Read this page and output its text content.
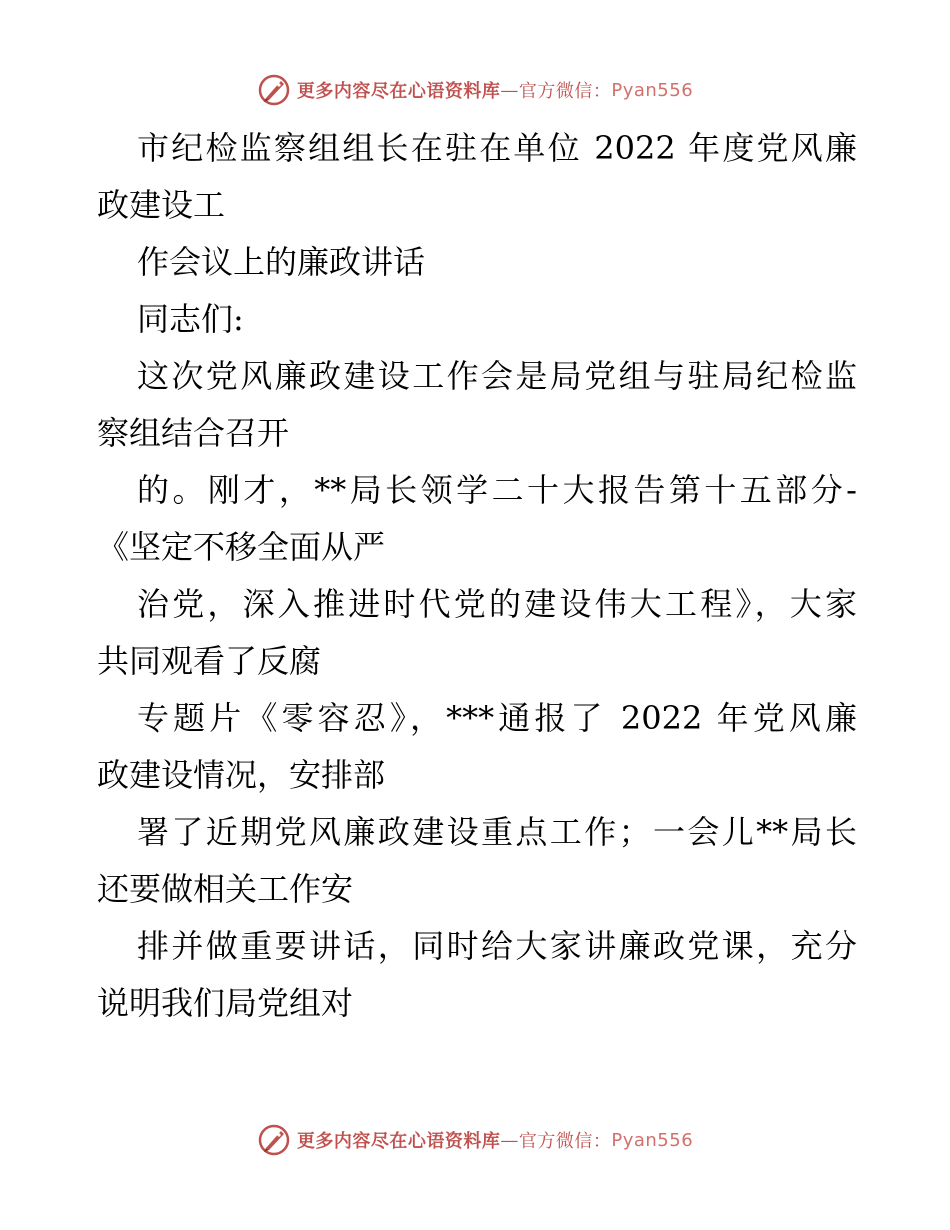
更多内容尽在心语资料库 — 官方微信： Pyan556
市纪检监察组组长在驻在单位 2022 年度党风廉
政建设工
作会议上的廉政讲话
同志们:
这次党风廉政建设工作会是局党组与驻局纪检监
察组结合召开
的。刚才，**局长领学二十大报告第十五部分-
《坚定不移全面从严
治党，深入推进时代党的建设伟大工程》，大家
共同观看了反腐
专题片《零容忍》，***通报了 2022 年党风廉
政建设情况，安排部
署了近期党风廉政建设重点工作；一会儿**局长
还要做相关工作安
排并做重要讲话，同时给大家讲廉政党课，充分
说明我们局党组对
更多内容尽在心语资料库 — 官方微信： Pyan556
